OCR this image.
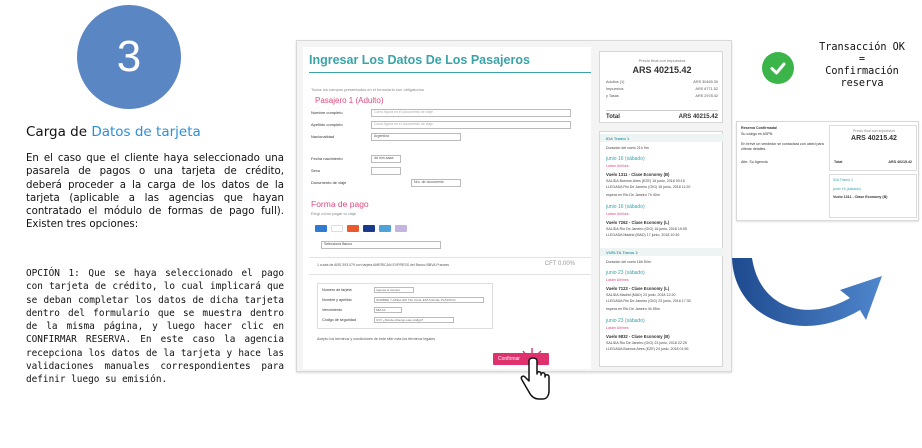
3
Carga de Datos de tarjeta

En el caso que el cliente haya seleccionado una pasarela de pagos o una tarjeta de crédito, deberá proceder a la carga de los datos de la tarjeta (aplicable a las agencias que hayan contratado el módulo de formas de pago full). Existen tres opciones:

OPCIÓN 1: Que se haya seleccionado el pago con tarjeta de crédito, lo cual implicará que se deban completar los datos de dicha tarjeta dentro del formulario que se muestra dentro de la misma página, y luego hacer clic en CONFIRMAR RESERVA. En este caso la agencia recepciona los datos de la tarjeta y hace las validaciones manuales correspondientes para definir luego su emisión.

Ingresar Los Datos De Los Pasajeros
Todos los campos presentados en el formulario son obligatorios
Pasajero 1 (Adulto)
Nombre completo	Como figura en el documento de viaje
Apellido completo	Como figura en el documento de viaje
Nacionalidad	Argentina
Fecha nacimiento	dd mm aaaa
Sexo
Documento de viaje	Nro. de documento
Forma de pago
Elegí cómo pagar tu viaje
Seleccioná Banco
1 cuota de ARS 393.079 con tarjeta AMERICAN EXPRESS del Banco BBVA Frances	CFT 0.00%
Número de tarjeta	Ingresa el número
Nombre y apellido	NOMBRE Y APELLIDO TAL CUAL ESTÁ EN EL PLÁSTICO
Vencimiento	MM AA
Código de seguridad	CVV ¿Dónde obtengo este código?
Acepto los términos y condiciones de este sitio más los términos legales
Confirmar
Precio final con impuestos
ARS 40215.42
Adultos (1)	ARS 30465.30
Impuestos	ARS 6771.52
y Tasas	ARS 2978.42
Total	ARS 40215.42
IDA Tramo 1
Duración del vuelo 21h 9m
junio 16 (sábado)
Latam Airlines
Vuelo 1311 - Clase Economy (B)
SALIDA Buenos Aires (EZE) 16 junio, 2018 00:15
LLEGADA Rio De Janeiro (GIG) 16 junio, 2018 11:20
espera en Rio De Janeiro 7h 40m
junio 16 (sábado)
Latam Airlines
Vuelo 7262 - Clase Economy (L)
SALIDA Rio De Janeiro (GIG) 16 junio, 2018 19:05
LLEGADA Madrid (MAD) 17 junio, 2018 10:30
VUELTA Tramo 2
Duración del vuelo 18h 50m
junio 23 (sábado)
Latam Airlines
Vuelo 7123 - Clase Economy (L)
SALIDA Madrid (MAD) 23 junio, 2018 12:20
LLEGADA Rio De Janeiro (GIG) 23 junio, 2018 17:30
espera en Rio De Janeiro 4h 55m
junio 23 (sábado)
Latam Airlines
Vuelo 9832 - Clase Economy (B)
SALIDA Rio De Janeiro (GIG) 23 junio, 2018 22:25
LLEGADA Buenos Aires (EZE) 24 junio, 2018 01:55
Transacción OK
=
Confirmación
reserva
Reserva Confirmada!
Su código es ASPN
En breve un vendedor se contactará con usted para ultimar detalles.
Atte. Su Agencia
Precio final con impuestos
ARS 40215.42
Total	ARS 40215.42
IDA Tramo 1
junio 16 (sábado)
Vuelo 1311 - Clase Economy (B)
